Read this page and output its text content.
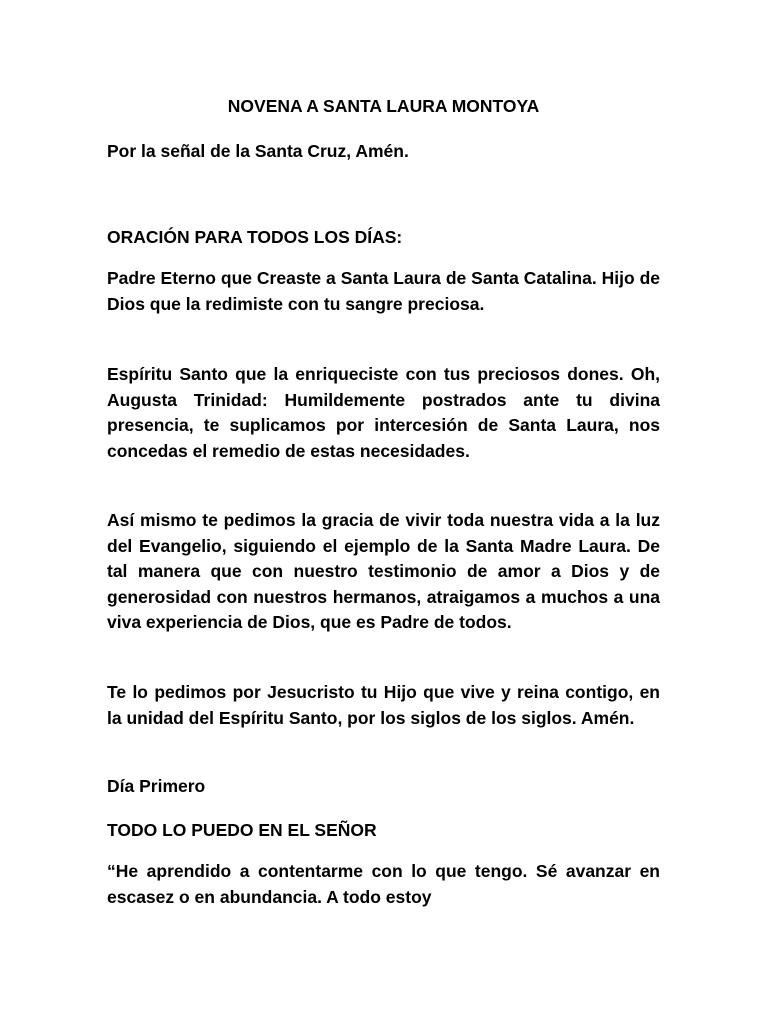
NOVENA A SANTA LAURA MONTOYA

Por la señal de la Santa Cruz, Amén.

ORACIÓN PARA TODOS LOS DÍAS:

Padre Eterno que Creaste a Santa Laura de Santa Catalina. Hijo de Dios que la redimiste con tu sangre preciosa.

Espíritu Santo que la enriqueciste con tus preciosos dones. Oh, Augusta Trinidad: Humildemente postrados ante tu divina presencia, te suplicamos por intercesión de Santa Laura, nos concedas el remedio de estas necesidades.

Así mismo te pedimos la gracia de vivir toda nuestra vida a la luz del Evangelio, siguiendo el ejemplo de la Santa Madre Laura. De tal manera que con nuestro testimonio de amor a Dios y de generosidad con nuestros hermanos, atraigamos a muchos a una viva experiencia de Dios, que es Padre de todos.

Te lo pedimos por Jesucristo tu Hijo que vive y reina contigo, en la unidad del Espíritu Santo, por los siglos de los siglos. Amén.

Día Primero

TODO LO PUEDO EN EL SEÑOR

“He aprendido a contentarme con lo que tengo. Sé avanzar en escasez o en abundancia. A todo estoy
